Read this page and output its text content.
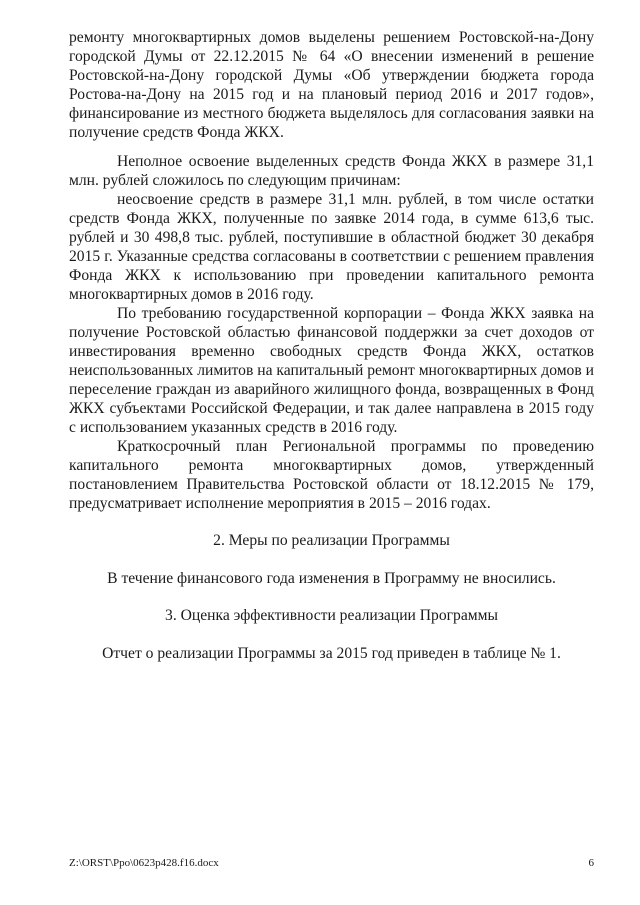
ремонту многоквартирных домов выделены решением Ростовской-на-Дону городской Думы от 22.12.2015 № 64 «О внесении изменений в решение Ростовской-на-Дону городской Думы «Об утверждении бюджета города Ростова-на-Дону на 2015 год и на плановый период 2016 и 2017 годов», финансирование из местного бюджета выделялось для согласования заявки на получение средств Фонда ЖКХ.

Неполное освоение выделенных средств Фонда ЖКХ в размере 31,1 млн. рублей сложилось по следующим причинам:

неосвоение средств в размере 31,1 млн. рублей, в том числе остатки средств Фонда ЖКХ, полученные по заявке 2014 года, в сумме 613,6 тыс. рублей и 30 498,8 тыс. рублей, поступившие в областной бюджет 30 декабря 2015 г. Указанные средства согласованы в соответствии с решением правления Фонда ЖКХ к использованию при проведении капитального ремонта многоквартирных домов в 2016 году.

По требованию государственной корпорации – Фонда ЖКХ заявка на получение Ростовской областью финансовой поддержки за счет доходов от инвестирования временно свободных средств Фонда ЖКХ, остатков неиспользованных лимитов на капитальный ремонт многоквартирных домов и переселение граждан из аварийного жилищного фонда, возвращенных в Фонд ЖКХ субъектами Российской Федерации, и так далее направлена в 2015 году с использованием указанных средств в 2016 году.

Краткосрочный план Региональной программы по проведению капитального ремонта многоквартирных домов, утвержденный постановлением Правительства Ростовской области от 18.12.2015 № 179, предусматривает исполнение мероприятия в 2015 – 2016 годах.

2. Меры по реализации Программы

В течение финансового года изменения в Программу не вносились.

3. Оценка эффективности реализации Программы

Отчет о реализации Программы за 2015 год приведен в таблице № 1.

Z:\ORST\Ppo\0623p428.f16.docx	6
